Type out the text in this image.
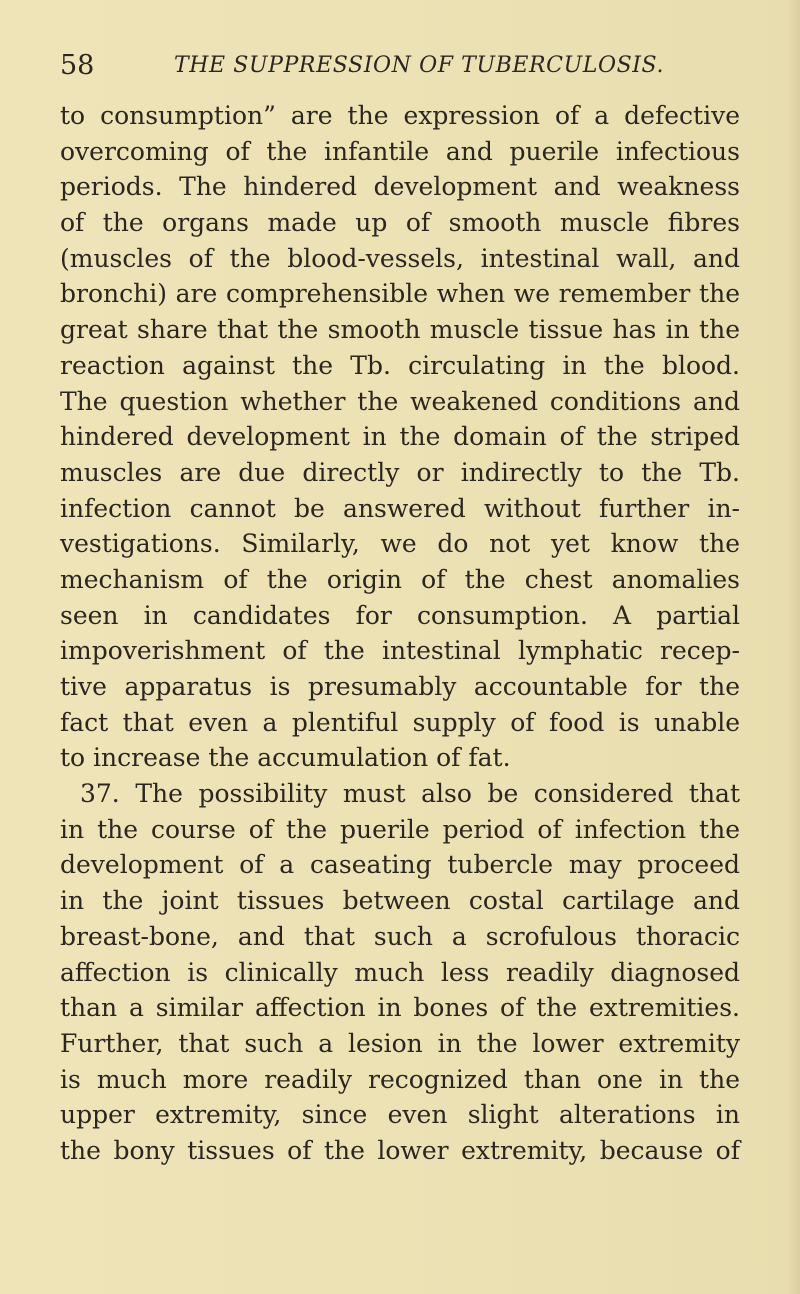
58	THE SUPPRESSION OF TUBERCULOSIS.
to consumption” are the expression of a defective
overcoming of the infantile and puerile infectious
periods. The hindered development and weakness
of the organs made up of smooth muscle fibres
(muscles of the blood-vessels, intestinal wall, and
bronchi) are comprehensible when we remember the
great share that the smooth muscle tissue has in the
reaction against the Tb. circulating in the blood.
The question whether the weakened conditions and
hindered development in the domain of the striped
muscles are due directly or indirectly to the Tb.
infection cannot be answered without further in-
vestigations. Similarly, we do not yet know the
mechanism of the origin of the chest anomalies
seen in candidates for consumption. A partial
impoverishment of the intestinal lymphatic recep-
tive apparatus is presumably accountable for the
fact that even a plentiful supply of food is unable
to increase the accumulation of fat.
37. The possibility must also be considered that
in the course of the puerile period of infection the
development of a caseating tubercle may proceed
in the joint tissues between costal cartilage and
breast-bone, and that such a scrofulous thoracic
affection is clinically much less readily diagnosed
than a similar affection in bones of the extremities.
Further, that such a lesion in the lower extremity
is much more readily recognized than one in the
upper extremity, since even slight alterations in
the bony tissues of the lower extremity, because of
